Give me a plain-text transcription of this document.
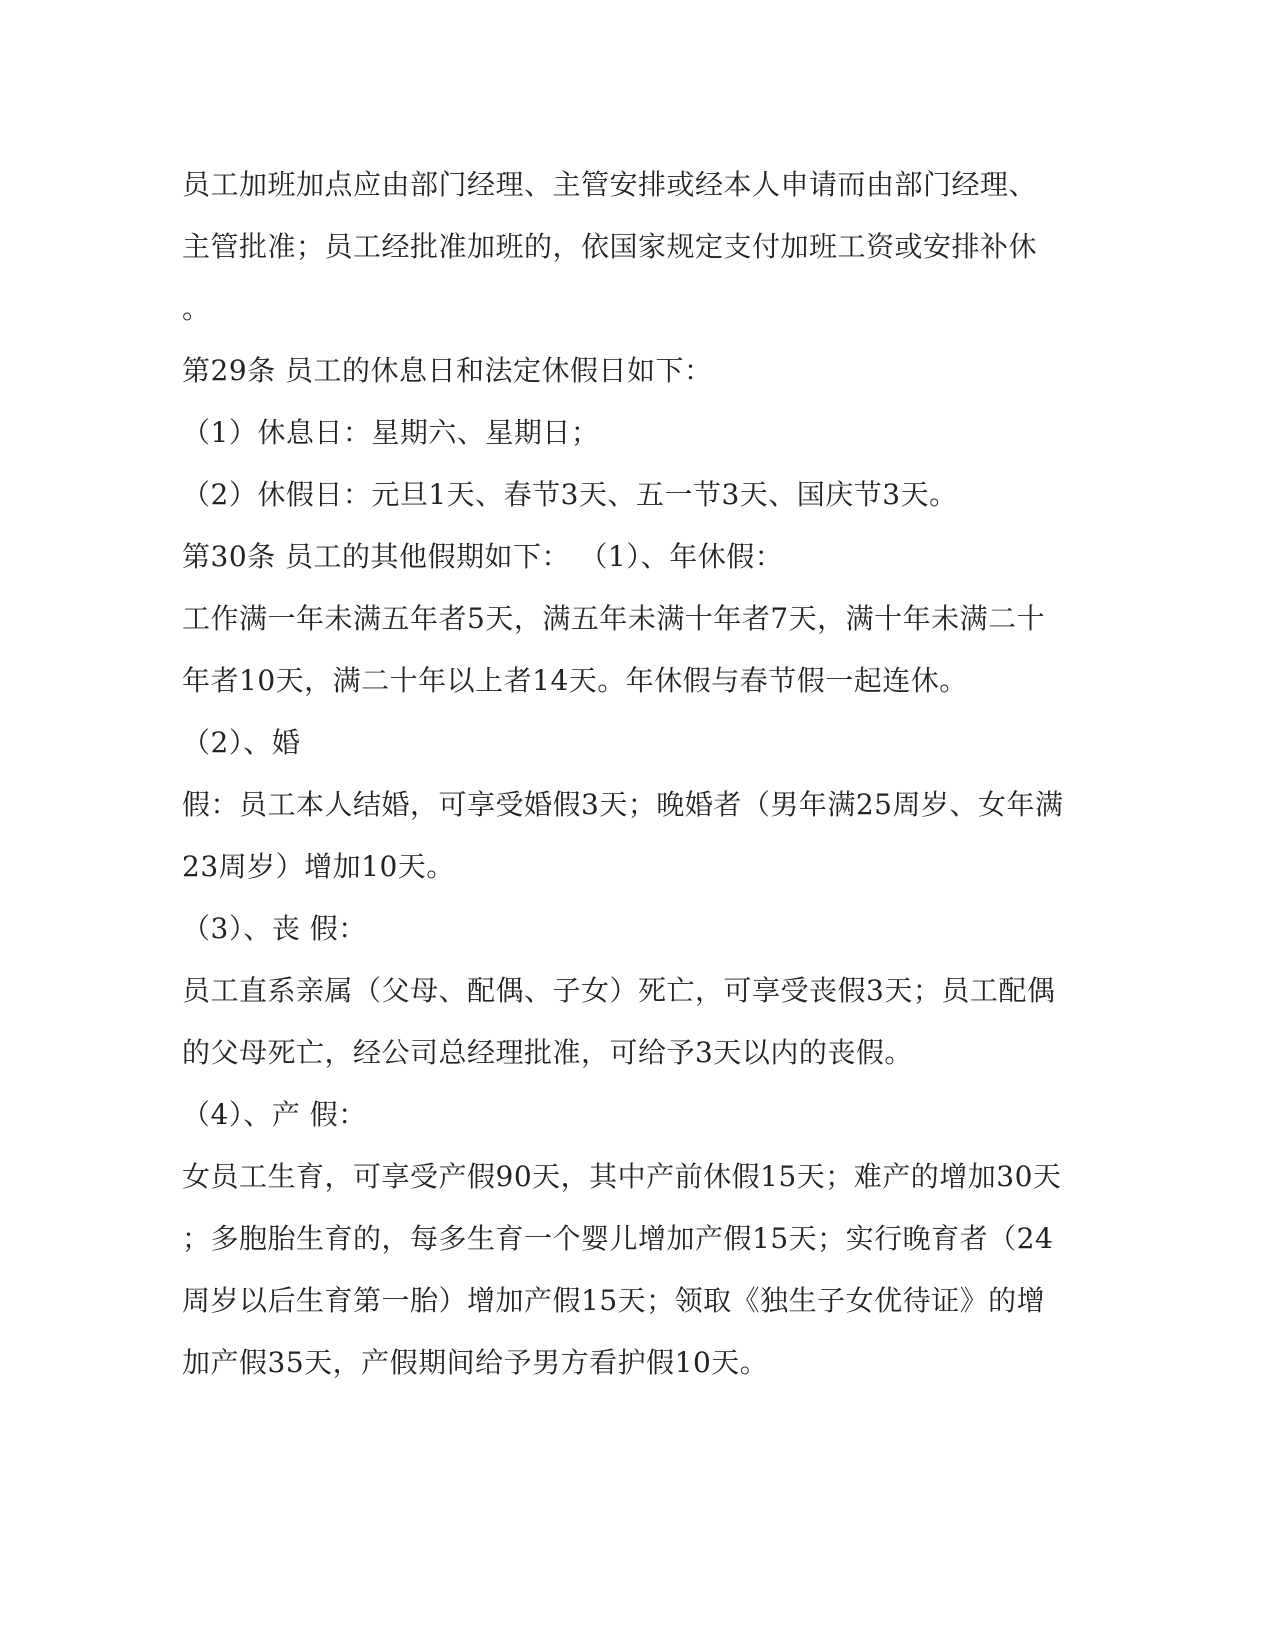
员工加班加点应由部门经理、主管安排或经本人申请而由部门经理、
主管批准；员工经批准加班的，依国家规定支付加班工资或安排补休
。
第29条 员工的休息日和法定休假日如下：
（1）休息日：星期六、星期日；
（2）休假日：元旦1天、春节3天、五一节3天、国庆节3天。
第30条 员工的其他假期如下： （1）、年休假：
工作满一年未满五年者5天，满五年未满十年者7天，满十年未满二十
年者10天，满二十年以上者14天。年休假与春节假一起连休。
（2）、婚
假：员工本人结婚，可享受婚假3天；晚婚者（男年满25周岁、女年满
23周岁）增加10天。
（3）、丧 假：
员工直系亲属（父母、配偶、子女）死亡，可享受丧假3天；员工配偶
的父母死亡，经公司总经理批准，可给予3天以内的丧假。
（4）、产 假：
女员工生育，可享受产假90天，其中产前休假15天；难产的增加30天
；多胞胎生育的，每多生育一个婴儿增加产假15天；实行晚育者（24
周岁以后生育第一胎）增加产假15天；领取《独生子女优待证》的增
加产假35天，产假期间给予男方看护假10天。
